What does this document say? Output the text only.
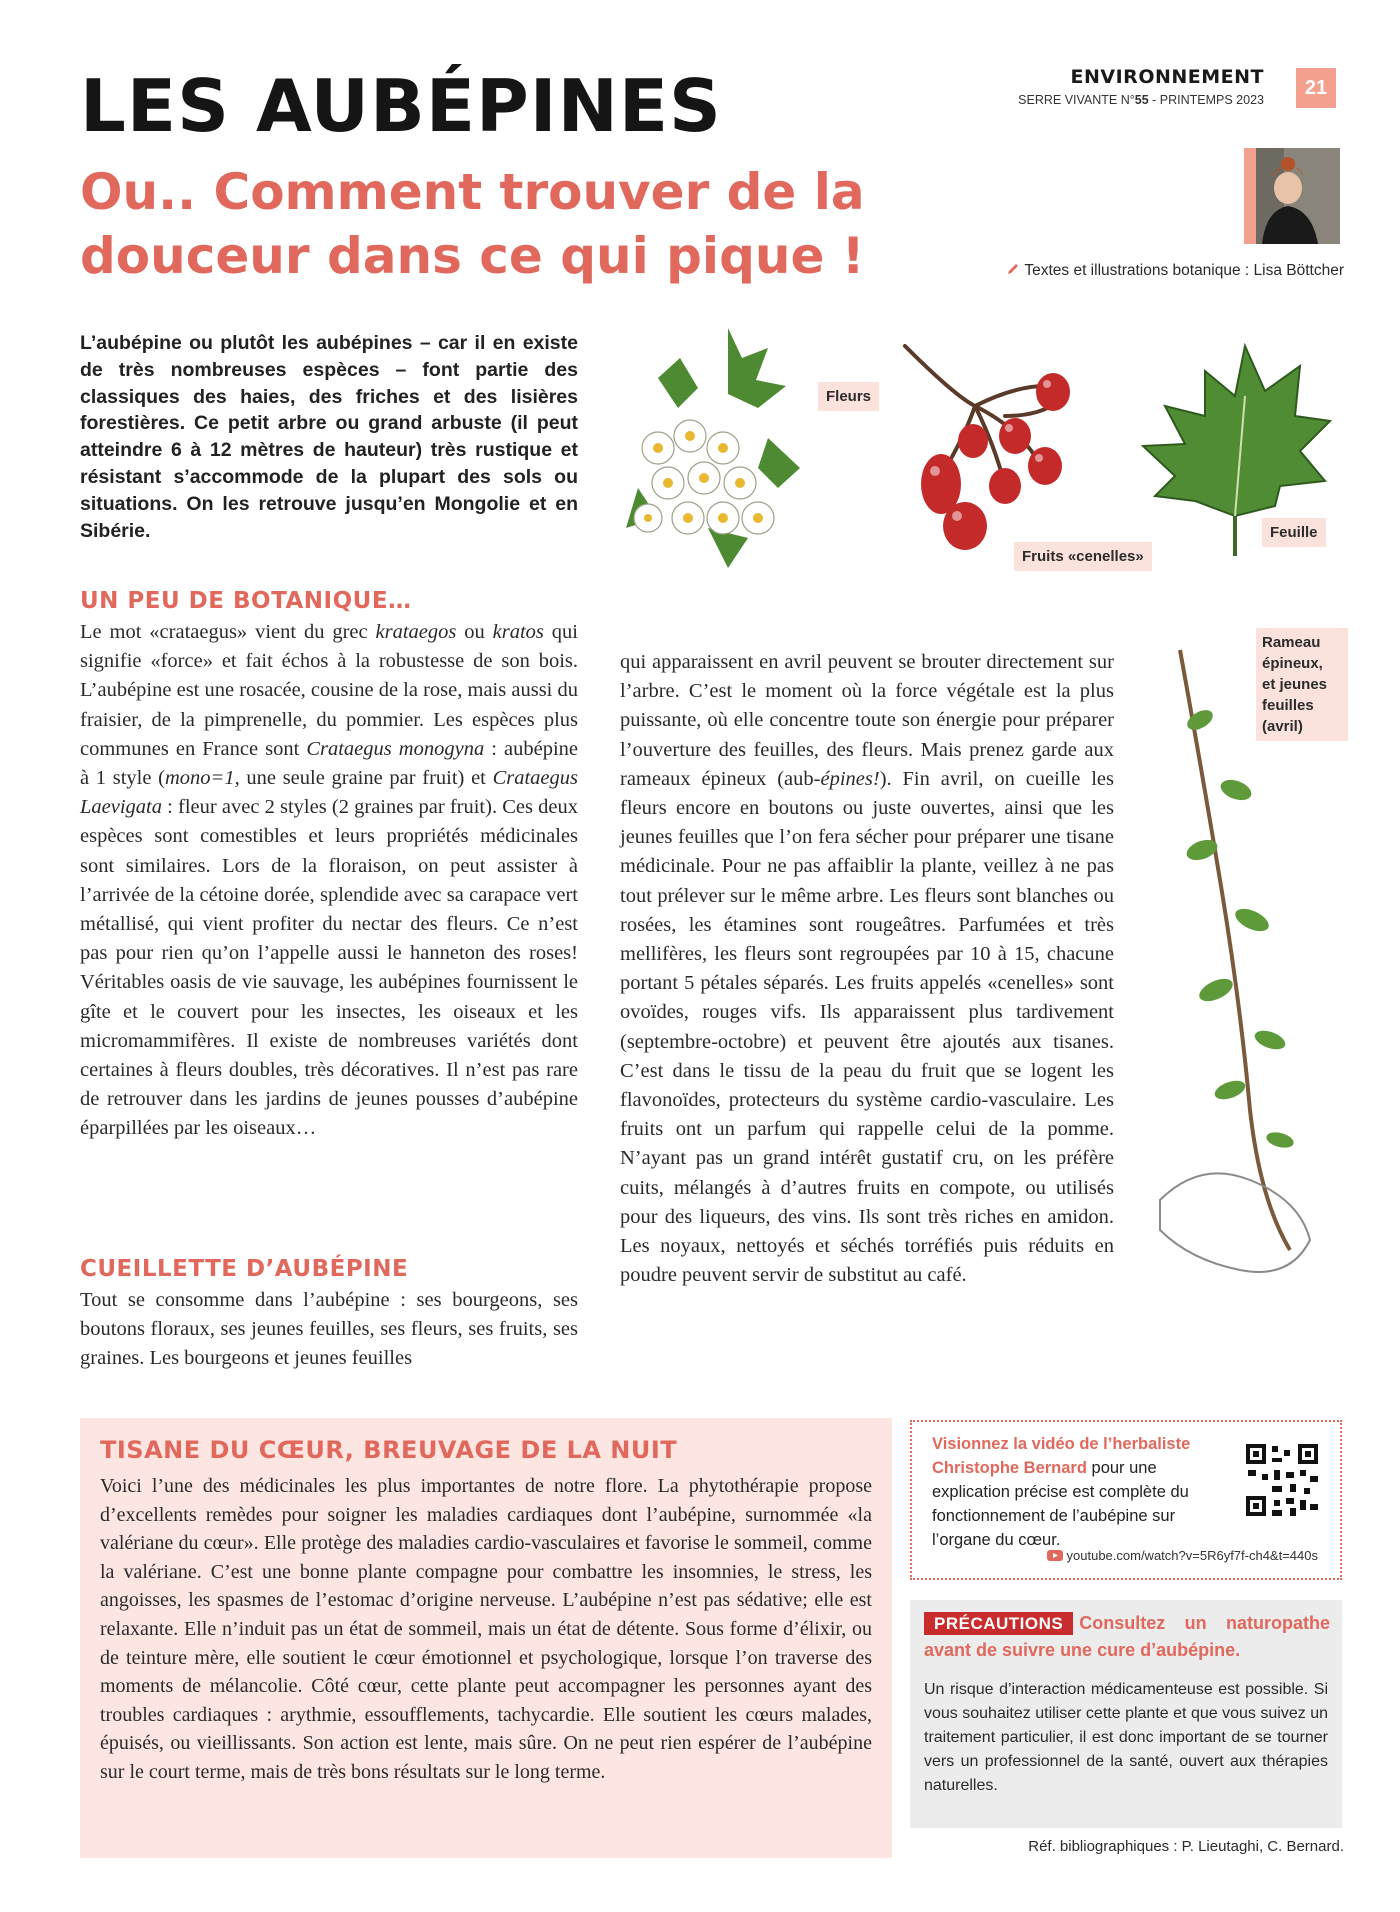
ENVIRONNEMENT
SERRE VIVANTE N°55 - PRINTEMPS 2023
21
LES AUBÉPINES
Ou.. Comment trouver de la douceur dans ce qui pique !	Textes et illustrations botanique : Lisa Böttcher
L’aubépine ou plutôt les aubépines – car il en existe de très nombreuses espèces – font partie des classiques des haies, des friches et des lisières forestières. Ce petit arbre ou grand arbuste (il peut atteindre 6 à 12 mètres de hauteur) très rustique et résistant s’accommode de la plupart des sols ou situations. On les retrouve jusqu’en Mongolie et en Sibérie.
Fleurs
Fruits «cenelles»
Feuille
Rameau
épineux,
et jeunes
feuilles
(avril)
UN PEU DE BOTANIQUE…
Le mot «crataegus» vient du grec krataegos ou kratos qui signifie «force» et fait échos à la robustesse de son bois. L’aubépine est une rosacée, cousine de la rose, mais aussi du fraisier, de la pimprenelle, du pommier. Les espèces plus communes en France sont Crataegus monogyna : aubépine à 1 style (mono=1, une seule graine par fruit) et Crataegus Laevigata : fleur avec 2 styles (2 graines par fruit). Ces deux espèces sont comestibles et leurs propriétés médicinales sont similaires. Lors de la floraison, on peut assister à l’arrivée de la cétoine dorée, splendide avec sa carapace vert métallisé, qui vient profiter du nectar des fleurs. Ce n’est pas pour rien qu’on l’appelle aussi le hanneton des roses! Véritables oasis de vie sauvage, les aubépines fournissent le gîte et le couvert pour les insectes, les oiseaux et les micromammifères. Il existe de nombreuses variétés dont certaines à fleurs doubles, très décoratives. Il n’est pas rare de retrouver dans les jardins de jeunes pousses d’aubépine éparpillées par les oiseaux…
CUEILLETTE D’AUBÉPINE
Tout se consomme dans l’aubépine : ses bourgeons, ses boutons floraux, ses jeunes feuilles, ses fleurs, ses fruits, ses graines. Les bourgeons et jeunes feuilles
qui apparaissent en avril peuvent se brouter directement sur l’arbre. C’est le moment où la force végétale est la plus puissante, où elle concentre toute son énergie pour préparer l’ouverture des feuilles, des fleurs. Mais prenez garde aux rameaux épineux (aub-épines!). Fin avril, on cueille les fleurs encore en boutons ou juste ouvertes, ainsi que les jeunes feuilles que l’on fera sécher pour préparer une tisane médicinale. Pour ne pas affaiblir la plante, veillez à ne pas tout prélever sur le même arbre. Les fleurs sont blanches ou rosées, les étamines sont rougeâtres. Parfumées et très mellifères, les fleurs sont regroupées par 10 à 15, chacune portant 5 pétales séparés. Les fruits appelés «cenelles» sont ovoïdes, rouges vifs. Ils apparaissent plus tardivement (septembre-octobre) et peuvent être ajoutés aux tisanes. C’est dans le tissu de la peau du fruit que se logent les flavonoïdes, protecteurs du système cardio-vasculaire. Les fruits ont un parfum qui rappelle celui de la pomme. N’ayant pas un grand intérêt gustatif cru, on les préfère cuits, mélangés à d’autres fruits en compote, ou utilisés pour des liqueurs, des vins. Ils sont très riches en amidon. Les noyaux, nettoyés et séchés torréfiés puis réduits en poudre peuvent servir de substitut au café.
TISANE DU CŒUR, BREUVAGE DE LA NUIT
Voici l’une des médicinales les plus importantes de notre flore. La phytothérapie propose d’excellents remèdes pour soigner les maladies cardiaques dont l’aubépine, surnommée «la valériane du cœur». Elle protège des maladies cardio-vasculaires et favorise le sommeil, comme la valériane. C’est une bonne plante compagne pour combattre les insomnies, le stress, les angoisses, les spasmes de l’estomac d’origine nerveuse. L’aubépine n’est pas sédative; elle est relaxante. Elle n’induit pas un état de sommeil, mais un état de détente. Sous forme d’élixir, ou de teinture mère, elle soutient le cœur émotionnel et psychologique, lorsque l’on traverse des moments de mélancolie. Côté cœur, cette plante peut accompagner les personnes ayant des troubles cardiaques : arythmie, essoufflements, tachycardie. Elle soutient les cœurs malades, épuisés, ou vieillissants. Son action est lente, mais sûre. On ne peut rien espérer de l’aubépine sur le court terme, mais de très bons résultats sur le long terme.
Visionnez la vidéo de l’herbaliste Christophe Bernard pour une explication précise est complète du fonctionnement de l’aubépine sur l’organe du cœur.
youtube.com/watch?v=5R6yf7f-ch4&t=440s
PRÉCAUTIONS Consultez un naturopathe avant de suivre une cure d’aubépine.
Un risque d’interaction médicamenteuse est possible. Si vous souhaitez utiliser cette plante et que vous suivez un traitement particulier, il est donc important de se tourner vers un professionnel de la santé, ouvert aux thérapies naturelles.
Réf. bibliographiques : P. Lieutaghi, C. Bernard.
